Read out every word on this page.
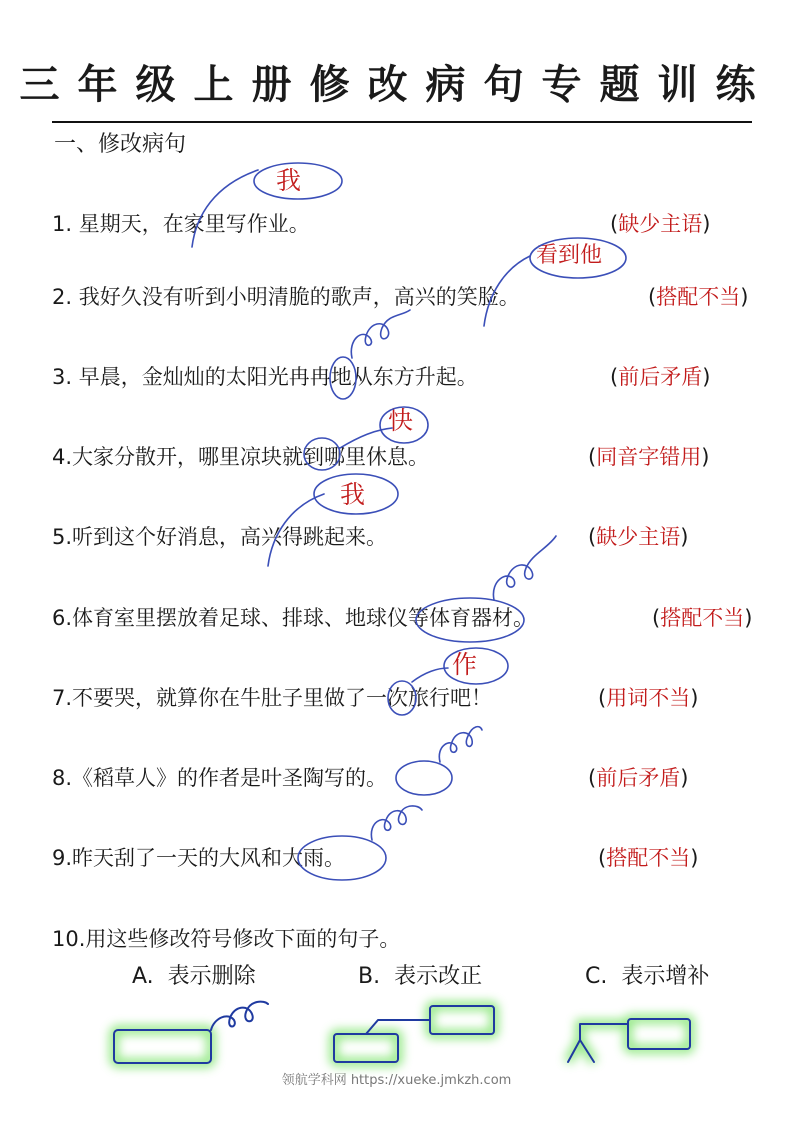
三年级上册修改病句专题训练
一、修改病句
1. 星期天，在家里写作业。	(缺少主语)
2. 我好久没有听到小明清脆的歌声，高兴的笑脸。	(搭配不当)
3. 早晨，金灿灿的太阳光冉冉地从东方升起。	(前后矛盾)
4.大家分散开，哪里凉块就到哪里休息。	(同音字错用)
5.听到这个好消息，高兴得跳起来。	(缺少主语)
6.体育室里摆放着足球、排球、地球仪等体育器材。	(搭配不当)
7.不要哭，就算你在牛肚子里做了一次旅行吧！	(用词不当)
8.《稻草人》的作者是叶圣陶写的。	(前后矛盾)
9.昨天刮了一天的大风和大雨。	(搭配不当)
10.用这些修改符号修改下面的句子。
我
看到他
快
我
作
A. 表示删除	B. 表示改正	C. 表示增补
领航学科网 https://xueke.jmkzh.com
